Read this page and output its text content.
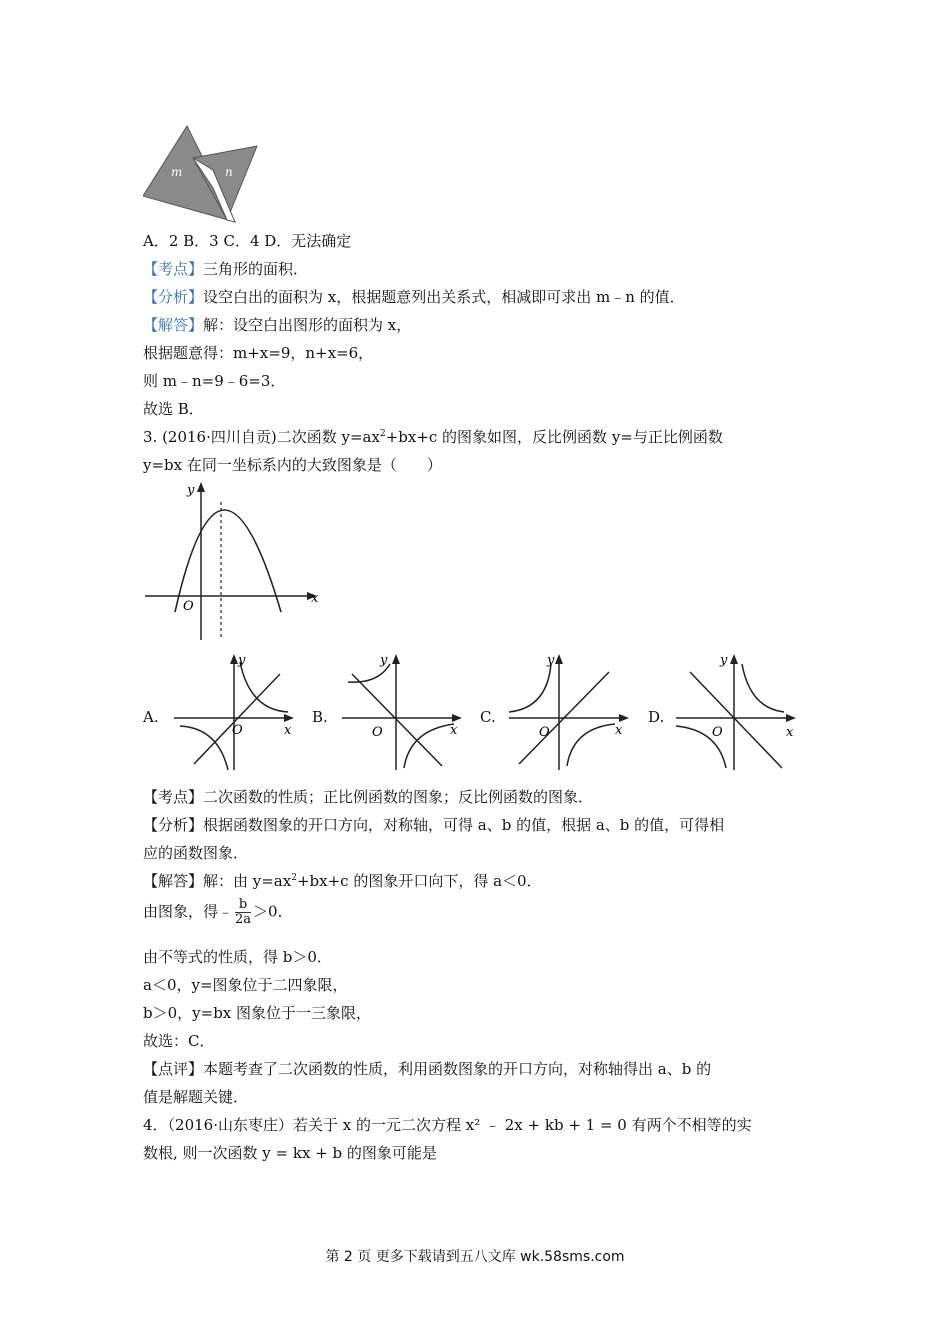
m	n
A．2 B．3 C．4 D．无法确定
【考点】三角形的面积．
【分析】设空白出的面积为 x，根据题意列出关系式，相减即可求出 m﹣n 的值．
【解答】解：设空白出图形的面积为 x，
根据题意得：m+x=9，n+x=6，
则 m﹣n=9﹣6=3．
故选 B．
3. (2016·四川自贡)二次函数 $y=ax^2+bx+c$ 的图象如图，反比例函数 y=与正比例函数
y=bx 在同一坐标系内的大致图象是（　　）
y
x
O
A.	B.	C.	D.
y
x
O
y
x
O
y
x
O
y
x
O
【考点】二次函数的性质；正比例函数的图象；反比例函数的图象．
【分析】根据函数图象的开口方向，对称轴，可得 a、b 的值，根据 a、b 的值，可得相
应的函数图象．
【解答】解：由 $y=ax^2+bx+c$ 的图象开口向下，得 a＜0．
由图象，得﹣ $\frac{b}{2a} >0$．
由不等式的性质，得 b＞0．
a＜0，y=图象位于二四象限，
b＞0，y=bx 图象位于一三象限，
故选：C．
【点评】本题考查了二次函数的性质，利用函数图象的开口方向，对称轴得出 a、b 的
值是解题关键．
4．（2016·山东枣庄）若关于 x 的一元二次方程 x² ﹣ 2x + kb + 1 = 0 有两个不相等的实
数根, 则一次函数 y = kx + b 的图象可能是
第 2 页 更多下载请到五八文库 wk.58sms.com
